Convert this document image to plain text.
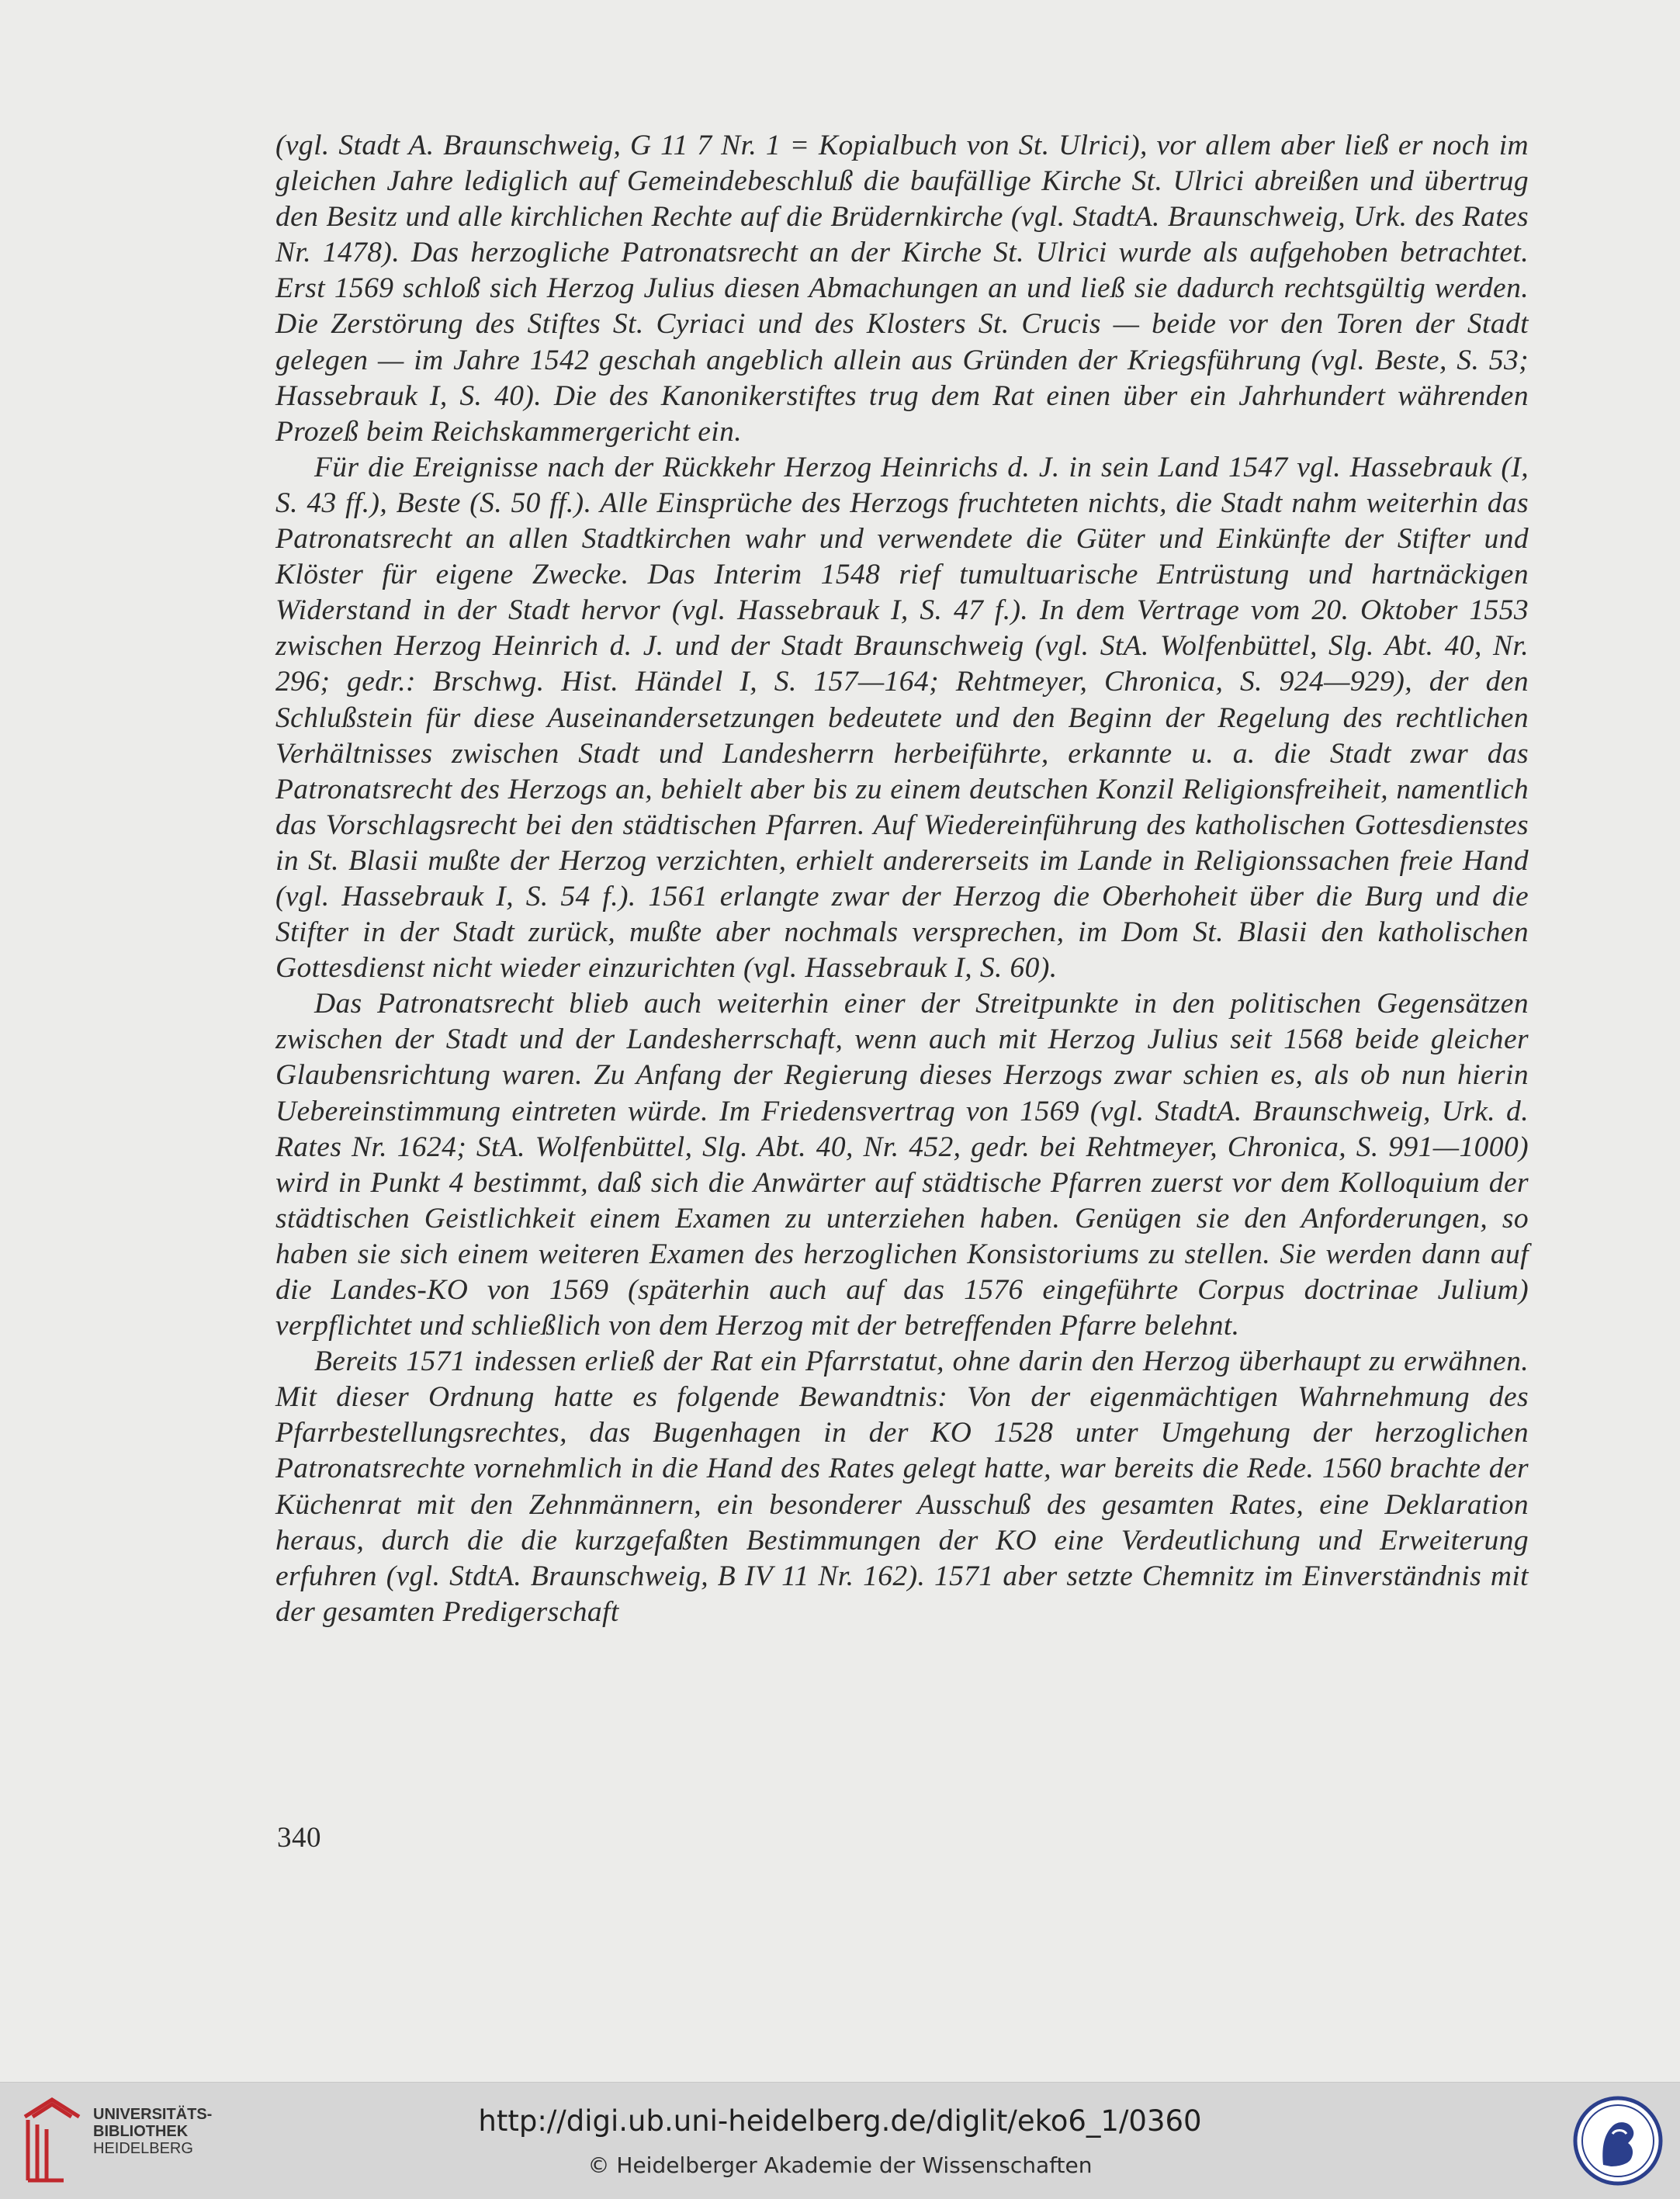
(vgl. Stadt A. Braunschweig, G 11 7 Nr. 1 = Kopialbuch von St. Ulrici), vor allem aber ließ er noch im gleichen Jahre lediglich auf Gemeindebeschluß die baufällige Kirche St. Ulrici abreißen und übertrug den Besitz und alle kirchlichen Rechte auf die Brüdernkirche (vgl. StadtA. Braunschweig, Urk. des Rates Nr. 1478). Das herzogliche Patronatsrecht an der Kirche St. Ulrici wurde als aufgehoben betrachtet. Erst 1569 schloß sich Herzog Julius diesen Abmachungen an und ließ sie dadurch rechtsgültig werden. Die Zerstörung des Stiftes St. Cyriaci und des Klosters St. Crucis — beide vor den Toren der Stadt gelegen — im Jahre 1542 geschah angeblich allein aus Gründen der Kriegsführung (vgl. Beste, S. 53; Hassebrauk I, S. 40). Die des Kanonikerstiftes trug dem Rat einen über ein Jahrhundert währenden Prozeß beim Reichskammergericht ein.

Für die Ereignisse nach der Rückkehr Herzog Heinrichs d. J. in sein Land 1547 vgl. Hassebrauk (I, S. 43 ff.), Beste (S. 50 ff.). Alle Einsprüche des Herzogs fruchteten nichts, die Stadt nahm weiterhin das Patronatsrecht an allen Stadtkirchen wahr und verwendete die Güter und Einkünfte der Stifter und Klöster für eigene Zwecke. Das Interim 1548 rief tumultuarische Entrüstung und hartnäckigen Widerstand in der Stadt hervor (vgl. Hassebrauk I, S. 47 f.). In dem Vertrage vom 20. Oktober 1553 zwischen Herzog Heinrich d. J. und der Stadt Braunschweig (vgl. StA. Wolfenbüttel, Slg. Abt. 40, Nr. 296; gedr.: Brschwg. Hist. Händel I, S. 157—164; Rehtmeyer, Chronica, S. 924—929), der den Schlußstein für diese Auseinandersetzungen bedeutete und den Beginn der Regelung des rechtlichen Verhältnisses zwischen Stadt und Landesherrn herbeiführte, erkannte u. a. die Stadt zwar das Patronatsrecht des Herzogs an, behielt aber bis zu einem deutschen Konzil Religionsfreiheit, namentlich das Vorschlagsrecht bei den städtischen Pfarren. Auf Wiedereinführung des katholischen Gottesdienstes in St. Blasii mußte der Herzog verzichten, erhielt andererseits im Lande in Religionssachen freie Hand (vgl. Hassebrauk I, S. 54 f.). 1561 erlangte zwar der Herzog die Oberhoheit über die Burg und die Stifter in der Stadt zurück, mußte aber nochmals versprechen, im Dom St. Blasii den katholischen Gottesdienst nicht wieder einzurichten (vgl. Hassebrauk I, S. 60).

Das Patronatsrecht blieb auch weiterhin einer der Streitpunkte in den politischen Gegensätzen zwischen der Stadt und der Landesherrschaft, wenn auch mit Herzog Julius seit 1568 beide gleicher Glaubensrichtung waren. Zu Anfang der Regierung dieses Herzogs zwar schien es, als ob nun hierin Uebereinstimmung eintreten würde. Im Friedensvertrag von 1569 (vgl. StadtA. Braunschweig, Urk. d. Rates Nr. 1624; StA. Wolfenbüttel, Slg. Abt. 40, Nr. 452, gedr. bei Rehtmeyer, Chronica, S. 991—1000) wird in Punkt 4 bestimmt, daß sich die Anwärter auf städtische Pfarren zuerst vor dem Kolloquium der städtischen Geistlichkeit einem Examen zu unterziehen haben. Genügen sie den Anforderungen, so haben sie sich einem weiteren Examen des herzoglichen Konsistoriums zu stellen. Sie werden dann auf die Landes-KO von 1569 (späterhin auch auf das 1576 eingeführte Corpus doctrinae Julium) verpflichtet und schließlich von dem Herzog mit der betreffenden Pfarre belehnt.

Bereits 1571 indessen erließ der Rat ein Pfarrstatut, ohne darin den Herzog überhaupt zu erwähnen. Mit dieser Ordnung hatte es folgende Bewandtnis: Von der eigenmächtigen Wahrnehmung des Pfarrbestellungsrechtes, das Bugenhagen in der KO 1528 unter Umgehung der herzoglichen Patronatsrechte vornehmlich in die Hand des Rates gelegt hatte, war bereits die Rede. 1560 brachte der Küchenrat mit den Zehnmännern, ein besonderer Ausschuß des gesamten Rates, eine Deklaration heraus, durch die die kurzgefaßten Bestimmungen der KO eine Verdeutlichung und Erweiterung erfuhren (vgl. StdtA. Braunschweig, B IV 11 Nr. 162). 1571 aber setzte Chemnitz im Einverständnis mit der gesamten Predigerschaft

340
UNIVERSITÄTS-
BIBLIOTHEK
HEIDELBERG
http://digi.ub.uni-heidelberg.de/diglit/eko6_1/0360
© Heidelberger Akademie der Wissenschaften
